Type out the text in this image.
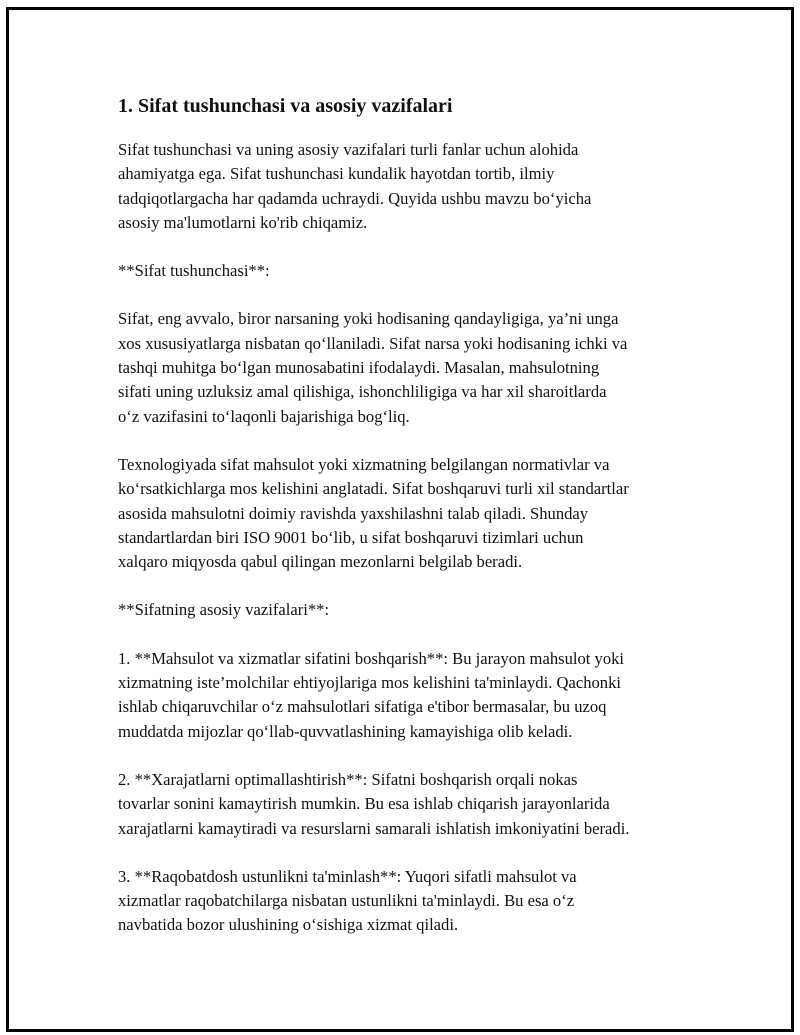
1. Sifat tushunchasi va asosiy vazifalari

Sifat tushunchasi va uning asosiy vazifalari turli fanlar uchun alohida
ahamiyatga ega. Sifat tushunchasi kundalik hayotdan tortib, ilmiy
tadqiqotlargacha har qadamda uchraydi. Quyida ushbu mavzu bo‘yicha
asosiy ma'lumotlarni ko'rib chiqamiz.

**Sifat tushunchasi**:

Sifat, eng avvalo, biror narsaning yoki hodisaning qandayligiga, ya’ni unga
xos xususiyatlarga nisbatan qo‘llaniladi. Sifat narsa yoki hodisaning ichki va
tashqi muhitga bo‘lgan munosabatini ifodalaydi. Masalan, mahsulotning
sifati uning uzluksiz amal qilishiga, ishonchliligiga va har xil sharoitlarda
o‘z vazifasini to‘laqonli bajarishiga bog‘liq.

Texnologiyada sifat mahsulot yoki xizmatning belgilangan normativlar va
ko‘rsatkichlarga mos kelishini anglatadi. Sifat boshqaruvi turli xil standartlar
asosida mahsulotni doimiy ravishda yaxshilashni talab qiladi. Shunday
standartlardan biri ISO 9001 bo‘lib, u sifat boshqaruvi tizimlari uchun
xalqaro miqyosda qabul qilingan mezonlarni belgilab beradi.

**Sifatning asosiy vazifalari**:

1. **Mahsulot va xizmatlar sifatini boshqarish**: Bu jarayon mahsulot yoki
xizmatning iste’molchilar ehtiyojlariga mos kelishini ta'minlaydi. Qachonki
ishlab chiqaruvchilar o‘z mahsulotlari sifatiga e'tibor bermasalar, bu uzoq
muddatda mijozlar qo‘llab-quvvatlashining kamayishiga olib keladi.

2. **Xarajatlarni optimallashtirish**: Sifatni boshqarish orqali nokas
tovarlar sonini kamaytirish mumkin. Bu esa ishlab chiqarish jarayonlarida
xarajatlarni kamaytiradi va resurslarni samarali ishlatish imkoniyatini beradi.

3. **Raqobatdosh ustunlikni ta'minlash**: Yuqori sifatli mahsulot va
xizmatlar raqobatchilarga nisbatan ustunlikni ta'minlaydi. Bu esa o‘z
navbatida bozor ulushining o‘sishiga xizmat qiladi.
